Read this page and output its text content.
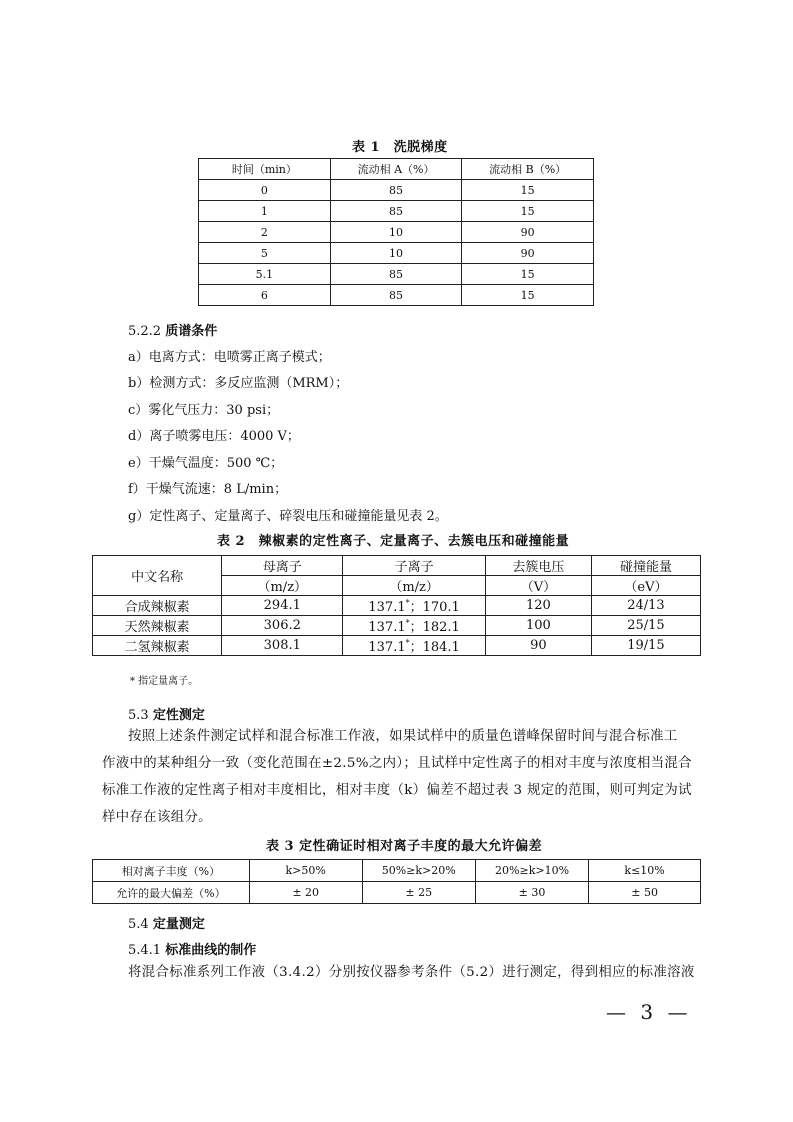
表 1　洗脱梯度
时间（min）	流动相 A（%）	流动相 B（%）
0	85	15
1	85	15
2	10	90
5	10	90
5.1	85	15
6	85	15
5.2.2 质谱条件
a）电离方式：电喷雾正离子模式；
b）检测方式：多反应监测（MRM）；
c）雾化气压力：30 psi；
d）离子喷雾电压：4000 V；
e）干燥气温度：500 ℃；
f）干燥气流速：8 L/min；
g）定性离子、定量离子、碎裂电压和碰撞能量见表 2。
表 2　辣椒素的定性离子、定量离子、去簇电压和碰撞能量
中文名称	母离子	子离子	去簇电压	碰撞能量
	（m/z）	（m/z）	（V）	（eV）
合成辣椒素	294.1	137.1*；170.1	120	24/13
天然辣椒素	306.2	137.1*；182.1	100	25/15
二氢辣椒素	308.1	137.1*；184.1	90	19/15
* 指定量离子。
5.3 定性测定
按照上述条件测定试样和混合标准工作液，如果试样中的质量色谱峰保留时间与混合标准工
作液中的某种组分一致（变化范围在±2.5%之内）；且试样中定性离子的相对丰度与浓度相当混合
标准工作液的定性离子相对丰度相比，相对丰度（k）偏差不超过表 3 规定的范围，则可判定为试
样中存在该组分。
表 3 定性确证时相对离子丰度的最大允许偏差
相对离子丰度（%）	k>50%	50%≥k>20%	20%≥k>10%	k≤10%
允许的最大偏差（%）	± 20	± 25	± 30	± 50
5.4 定量测定
5.4.1 标准曲线的制作
将混合标准系列工作液（3.4.2）分别按仪器参考条件（5.2）进行测定，得到相应的标准溶液
— 3 —
